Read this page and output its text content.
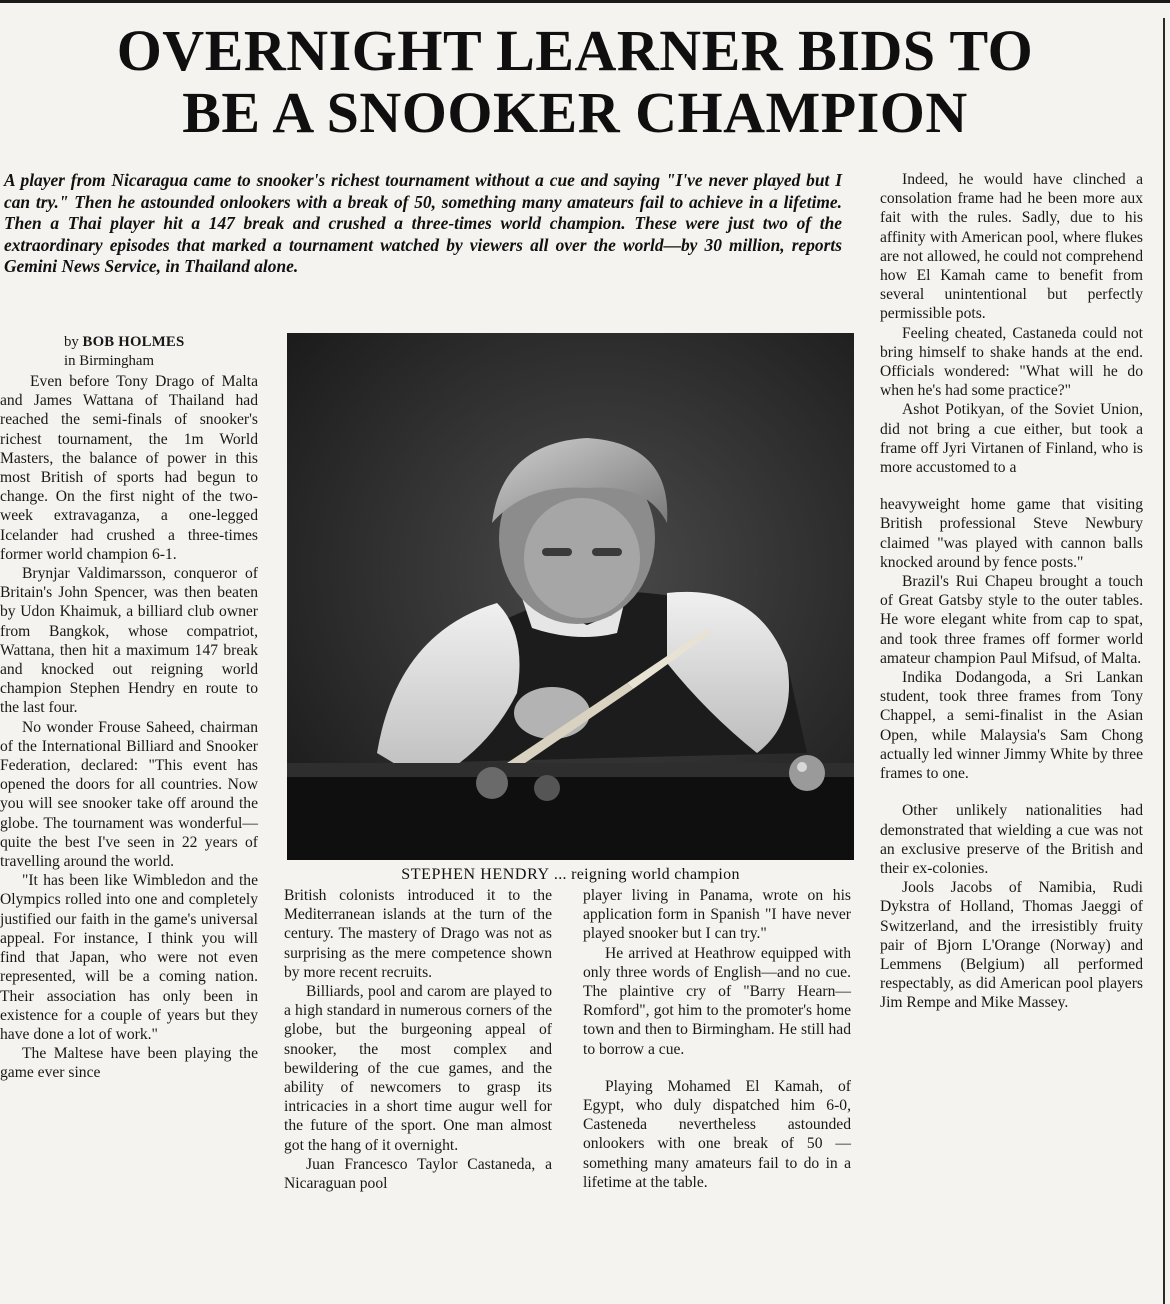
OVERNIGHT LEARNER BIDS TO
BE A SNOOKER CHAMPION
A player from Nicaragua came to snooker's richest tournament without a cue and saying "I've never played but I can try." Then he astounded onlookers with a break of 50, something many amateurs fail to achieve in a lifetime. Then a Thai player hit a 147 break and crushed a three-times world champion. These were just two of the extraordinary episodes that marked a tournament watched by viewers all over the world—by 30 million, reports Gemini News Service, in Thailand alone.
by BOB HOLMES
in Birmingham

Even before Tony Drago of Malta and James Wattana of Thailand had reached the semi-finals of snooker's richest tournament, the 1m World Masters, the balance of power in this most British of sports had begun to change. On the first night of the two-week extravaganza, a one-legged Icelander had crushed a three-times former world champion 6-1.

Brynjar Valdimarsson, conqueror of Britain's John Spencer, was then beaten by Udon Khaimuk, a billiard club owner from Bangkok, whose compatriot, Wattana, then hit a maximum 147 break and knocked out reigning world champion Stephen Hendry en route to the last four.

No wonder Frouse Saheed, chairman of the International Billiard and Snooker Federation, declared: "This event has opened the doors for all countries. Now you will see snooker take off around the globe. The tournament was wonderful—quite the best I've seen in 22 years of travelling around the world.

"It has been like Wimbledon and the Olympics rolled into one and completely justified our faith in the game's universal appeal. For instance, I think you will find that Japan, who were not even represented, will be a coming nation. Their association has only been in existence for a couple of years but they have done a lot of work."

The Maltese have been playing the game ever since

STEPHEN HENDRY ... reigning world champion

British colonists introduced it to the Mediterranean islands at the turn of the century. The mastery of Drago was not as surprising as the mere competence shown by more recent recruits.

Billiards, pool and carom are played to a high standard in numerous corners of the globe, but the burgeoning appeal of snooker, the most complex and bewildering of the cue games, and the ability of newcomers to grasp its intricacies in a short time augur well for the future of the sport. One man almost got the hang of it overnight.

Juan Francesco Taylor Castaneda, a Nicaraguan pool

player living in Panama, wrote on his application form in Spanish "I have never played snooker but I can try."

He arrived at Heathrow equipped with only three words of English—and no cue. The plaintive cry of "Barry Hearn—Romford", got him to the promoter's home town and then to Birmingham. He still had to borrow a cue.

Playing Mohamed El Kamah, of Egypt, who duly dispatched him 6-0, Casteneda nevertheless astounded onlookers with one break of 50 —something many amateurs fail to do in a lifetime at the table.

Indeed, he would have clinched a consolation frame had he been more aux fait with the rules. Sadly, due to his affinity with American pool, where flukes are not allowed, he could not comprehend how El Kamah came to benefit from several unintentional but perfectly permissible pots.

Feeling cheated, Castaneda could not bring himself to shake hands at the end. Officials wondered: "What will he do when he's had some practice?"

Ashot Potikyan, of the Soviet Union, did not bring a cue either, but took a frame off Jyri Virtanen of Finland, who is more accustomed to a

heavyweight home game that visiting British professional Steve Newbury claimed "was played with cannon balls knocked around by fence posts."

Brazil's Rui Chapeu brought a touch of Great Gatsby style to the outer tables. He wore elegant white from cap to spat, and took three frames off former world amateur champion Paul Mifsud, of Malta.

Indika Dodangoda, a Sri Lankan student, took three frames from Tony Chappel, a semi-finalist in the Asian Open, while Malaysia's Sam Chong actually led winner Jimmy White by three frames to one.

Other unlikely nationalities had demonstrated that wielding a cue was not an exclusive preserve of the British and their ex-colonies.

Jools Jacobs of Namibia, Rudi Dykstra of Holland, Thomas Jaeggi of Switzerland, and the irresistibly fruity pair of Bjorn L'Orange (Norway) and Lemmens (Belgium) all performed respectably, as did American pool players Jim Rempe and Mike Massey.
